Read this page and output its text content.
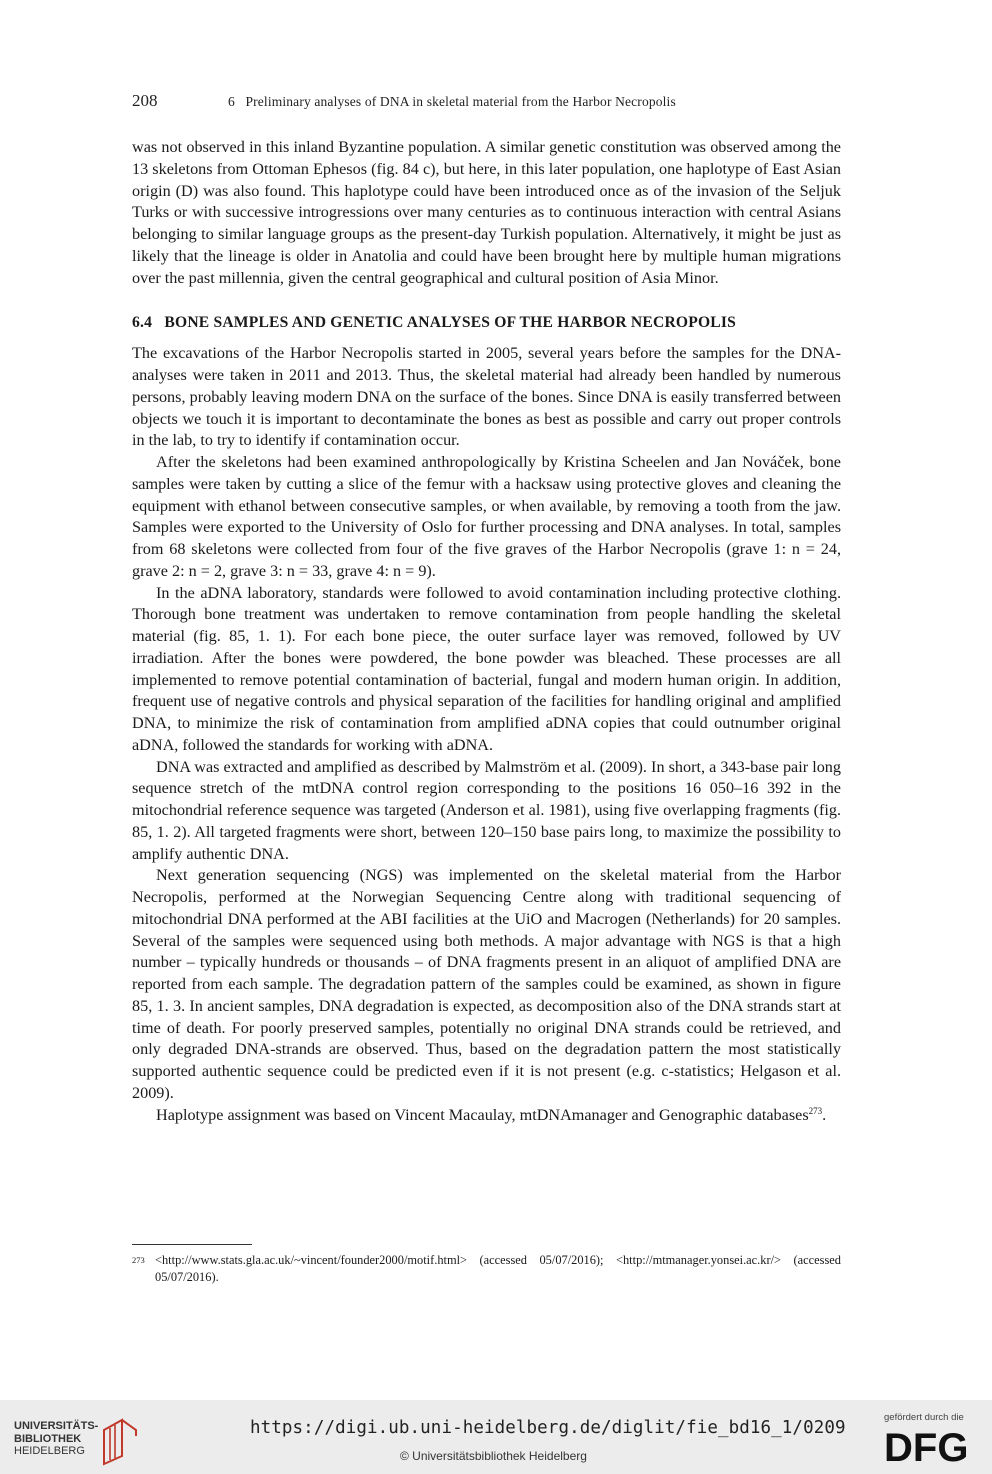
208	6   Preliminary analyses of DNA in skeletal material from the Harbor Necropolis

was not observed in this inland Byzantine population. A similar genetic constitution was observed among the 13 skeletons from Ottoman Ephesos (fig. 84 c), but here, in this later population, one haplotype of East Asian origin (D) was also found. This haplotype could have been introduced once as of the invasion of the Seljuk Turks or with successive introgressions over many centuries as to continuous interaction with central Asians belonging to similar language groups as the present-day Turkish population. Alternatively, it might be just as likely that the lineage is older in Anatolia and could have been brought here by multiple human migrations over the past millennia, given the central geographical and cultural position of Asia Minor.

6.4   BONE SAMPLES AND GENETIC ANALYSES OF THE HARBOR NECROPOLIS

The excavations of the Harbor Necropolis started in 2005, several years before the samples for the DNA-analyses were taken in 2011 and 2013. Thus, the skeletal material had already been handled by numerous persons, probably leaving modern DNA on the surface of the bones. Since DNA is easily transferred between objects we touch it is important to decontaminate the bones as best as possible and carry out proper controls in the lab, to try to identify if contamination occur.

After the skeletons had been examined anthropologically by Kristina Scheelen and Jan Nováček, bone samples were taken by cutting a slice of the femur with a hacksaw using protective gloves and cleaning the equipment with ethanol between consecutive samples, or when available, by removing a tooth from the jaw. Samples were exported to the University of Oslo for further processing and DNA analyses. In total, samples from 68 skeletons were collected from four of the five graves of the Harbor Necropolis (grave 1: n = 24, grave 2: n = 2, grave 3: n = 33, grave 4: n = 9).

In the aDNA laboratory, standards were followed to avoid contamination including protective clothing. Thorough bone treatment was undertaken to remove contamination from people handling the skeletal material (fig. 85, 1. 1). For each bone piece, the outer surface layer was removed, followed by UV irradiation. After the bones were powdered, the bone powder was bleached. These processes are all implemented to remove potential contamination of bacterial, fungal and modern human origin. In addition, frequent use of negative controls and physical separation of the facilities for handling original and amplified DNA, to minimize the risk of contamination from amplified aDNA copies that could outnumber original aDNA, followed the standards for working with aDNA.

DNA was extracted and amplified as described by Malmström et al. (2009). In short, a 343-base pair long sequence stretch of the mtDNA control region corresponding to the positions 16 050–16 392 in the mitochondrial reference sequence was targeted (Anderson et al. 1981), using five overlapping fragments (fig. 85, 1. 2). All targeted fragments were short, between 120–150 base pairs long, to maximize the possibility to amplify authentic DNA.

Next generation sequencing (NGS) was implemented on the skeletal material from the Harbor Necropolis, performed at the Norwegian Sequencing Centre along with traditional sequencing of mitochondrial DNA performed at the ABI facilities at the UiO and Macrogen (Netherlands) for 20 samples. Several of the samples were sequenced using both methods. A major advantage with NGS is that a high number – typically hundreds or thousands – of DNA fragments present in an aliquot of amplified DNA are reported from each sample. The degradation pattern of the samples could be examined, as shown in figure 85, 1. 3. In ancient samples, DNA degradation is expected, as decomposition also of the DNA strands start at time of death. For poorly preserved samples, potentially no original DNA strands could be retrieved, and only degraded DNA-strands are observed. Thus, based on the degradation pattern the most statistically supported authentic sequence could be predicted even if it is not present (e.g. c-statistics; Helgason et al. 2009).

Haplotype assignment was based on Vincent Macaulay, mtDNAmanager and Genographic databases$^{273}$.

273 <http://www.stats.gla.ac.uk/~vincent/founder2000/motif.html> (accessed 05/07/2016); <http://mtmanager.yonsei.ac.kr/> (accessed 05/07/2016).
UNIVERSITÄTS-
BIBLIOTHEK
HEIDELBERG
https://digi.ub.uni-heidelberg.de/diglit/fie_bd16_1/0209
© Universitätsbibliothek Heidelberg
gefördert durch die
DFG
